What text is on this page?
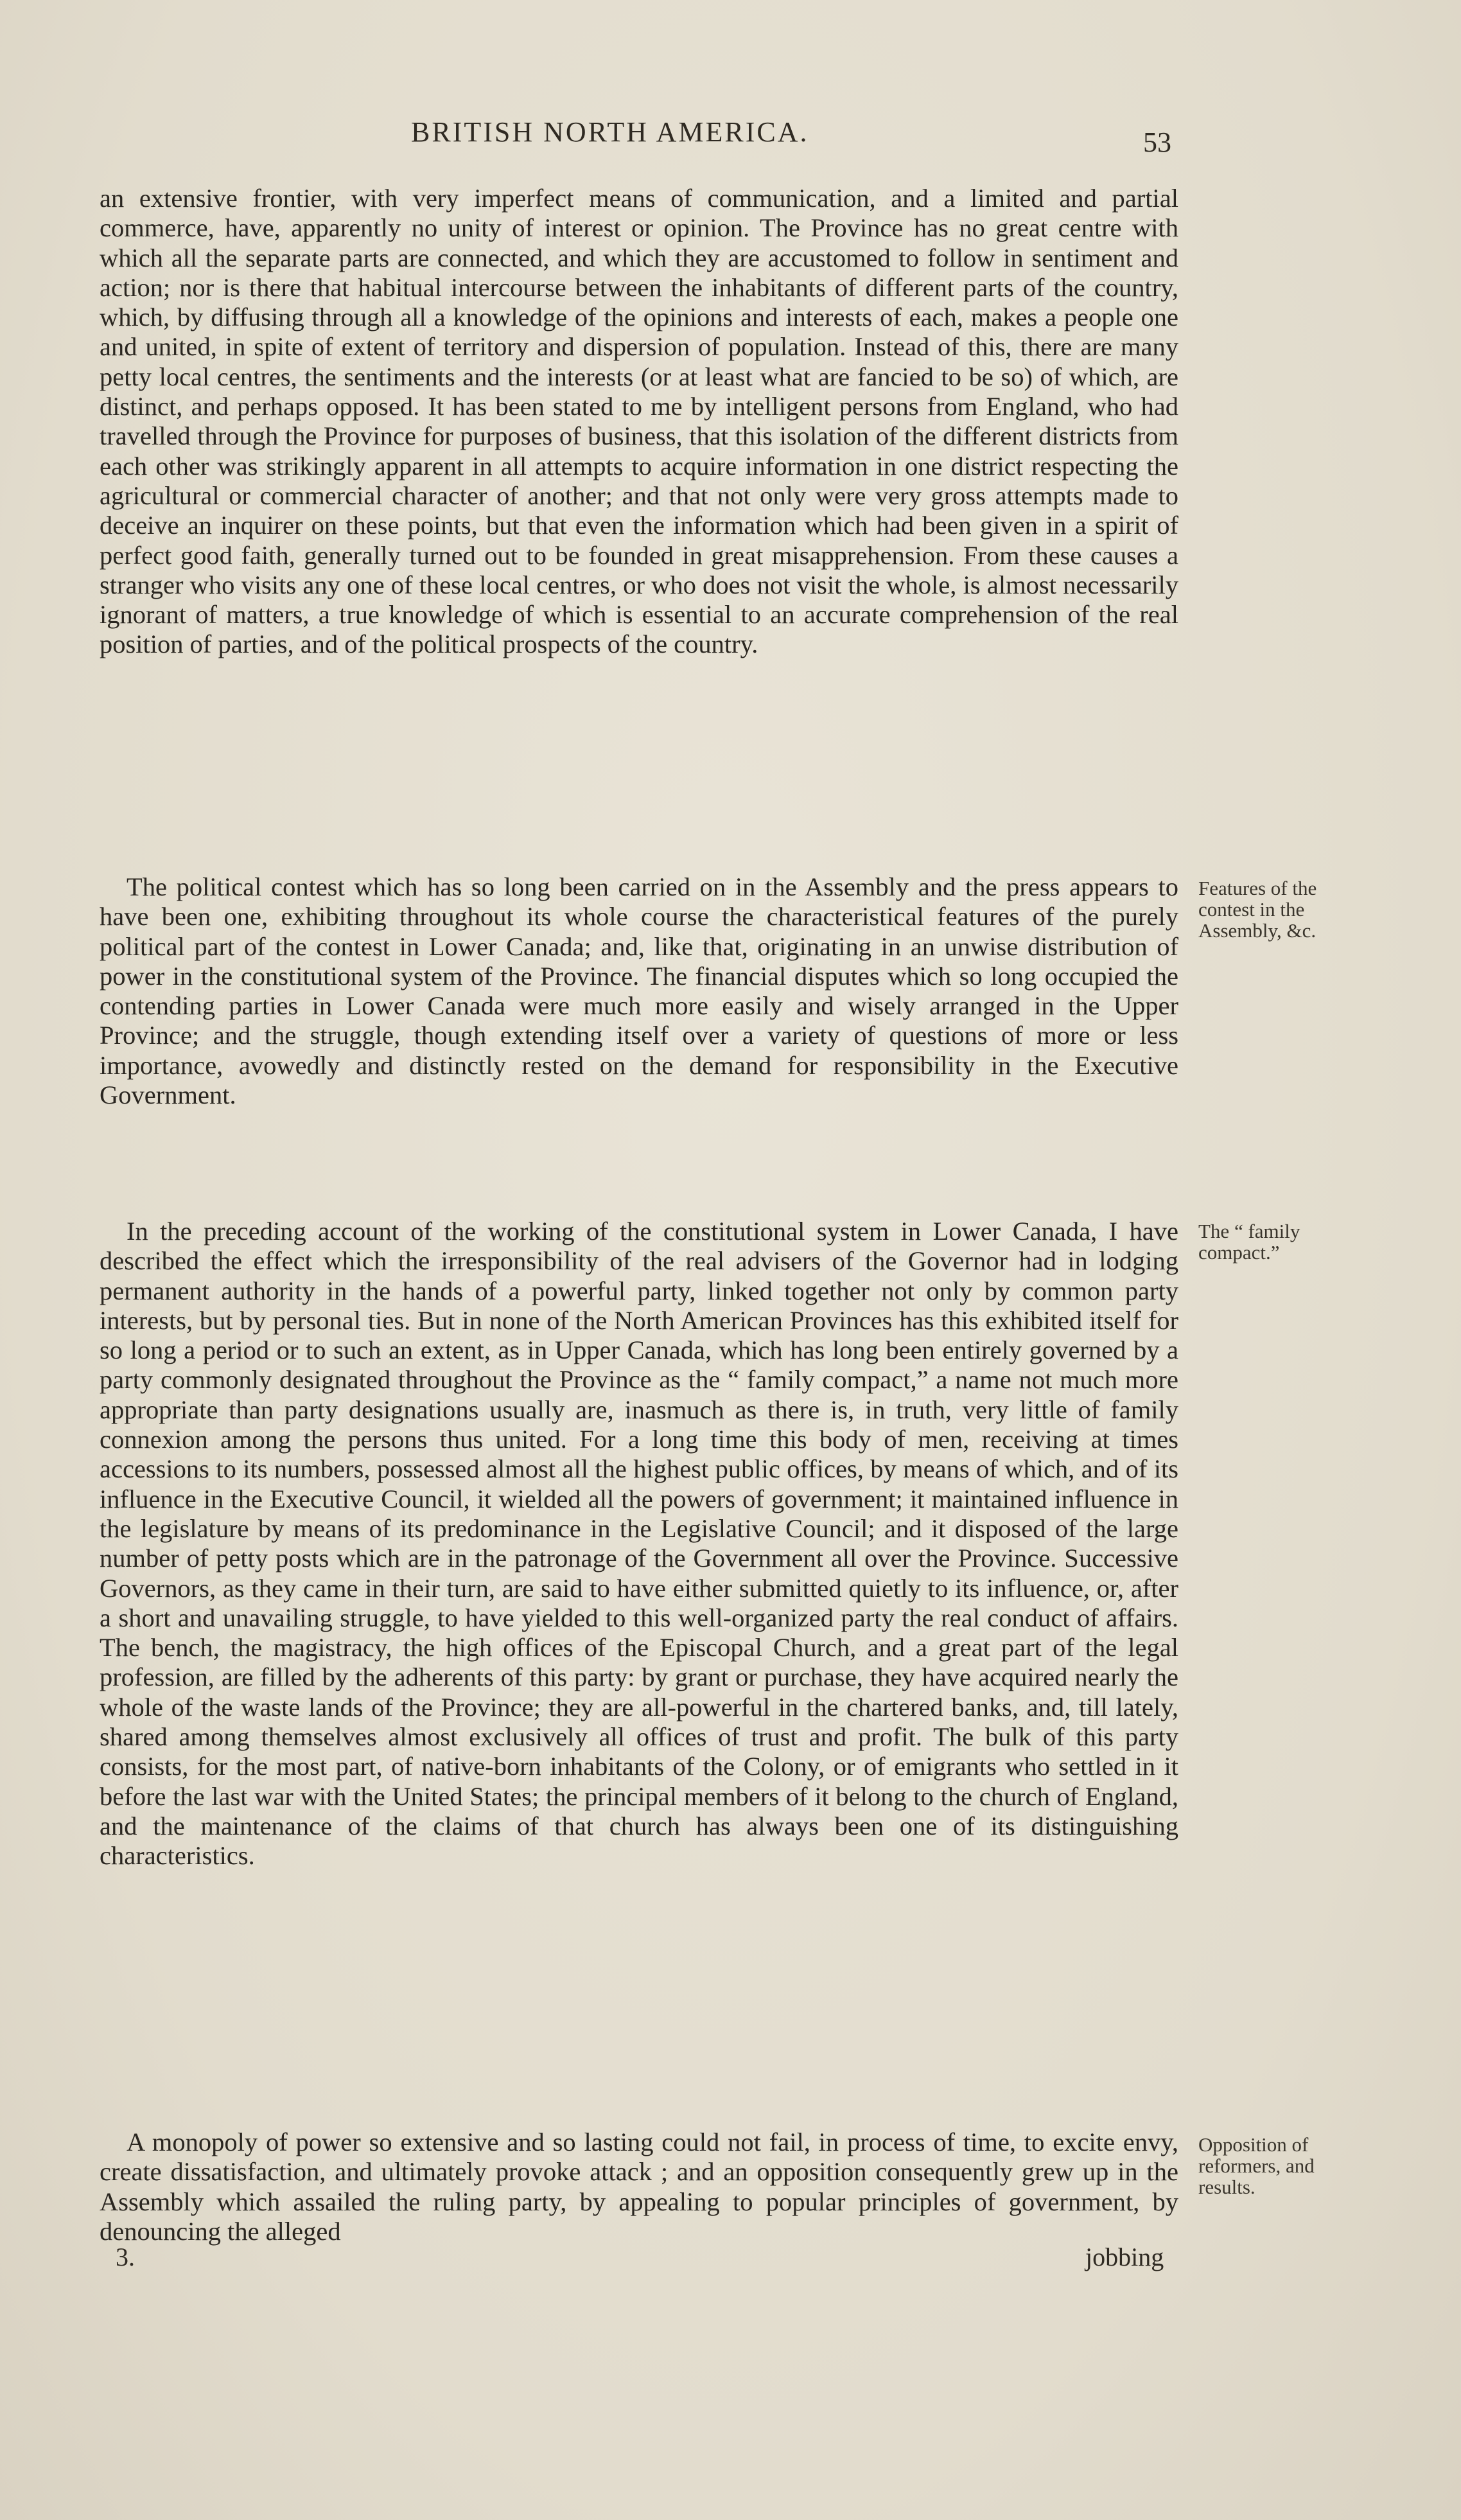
BRITISH NORTH AMERICA.	53

an extensive frontier, with very imperfect means of communication, and a limited and partial commerce, have, apparently no unity of interest or opinion. The Province has no great centre with which all the separate parts are connected, and which they are accustomed to follow in sentiment and action; nor is there that habitual intercourse between the inhabitants of different parts of the country, which, by diffusing through all a knowledge of the opinions and interests of each, makes a people one and united, in spite of extent of territory and dispersion of population. Instead of this, there are many petty local centres, the sentiments and the interests (or at least what are fancied to be so) of which, are distinct, and perhaps opposed. It has been stated to me by intelligent persons from England, who had travelled through the Province for purposes of business, that this isolation of the different districts from each other was strikingly apparent in all attempts to acquire information in one district respecting the agricultural or commercial character of another; and that not only were very gross attempts made to deceive an inquirer on these points, but that even the information which had been given in a spirit of perfect good faith, generally turned out to be founded in great misapprehension. From these causes a stranger who visits any one of these local centres, or who does not visit the whole, is almost necessarily ignorant of matters, a true knowledge of which is essential to an accurate comprehension of the real position of parties, and of the political prospects of the country.

Features of the contest in the Assembly, &c.

The political contest which has so long been carried on in the Assembly and the press appears to have been one, exhibiting throughout its whole course the characteristical features of the purely political part of the contest in Lower Canada; and, like that, originating in an unwise distribution of power in the constitutional system of the Province. The financial disputes which so long occupied the contending parties in Lower Canada were much more easily and wisely arranged in the Upper Province; and the struggle, though extending itself over a variety of questions of more or less importance, avowedly and distinctly rested on the demand for responsibility in the Executive Government.

The “ family compact.”

In the preceding account of the working of the constitutional system in Lower Canada, I have described the effect which the irresponsibility of the real advisers of the Governor had in lodging permanent authority in the hands of a powerful party, linked together not only by common party interests, but by personal ties. But in none of the North American Provinces has this exhibited itself for so long a period or to such an extent, as in Upper Canada, which has long been entirely governed by a party commonly designated throughout the Province as the “ family compact,” a name not much more appropriate than party designations usually are, inasmuch as there is, in truth, very little of family connexion among the persons thus united. For a long time this body of men, receiving at times accessions to its numbers, possessed almost all the highest public offices, by means of which, and of its influence in the Executive Council, it wielded all the powers of government; it maintained influence in the legislature by means of its predominance in the Legislative Council; and it disposed of the large number of petty posts which are in the patronage of the Government all over the Province. Successive Governors, as they came in their turn, are said to have either submitted quietly to its influence, or, after a short and unavailing struggle, to have yielded to this well-organized party the real conduct of affairs. The bench, the magistracy, the high offices of the Episcopal Church, and a great part of the legal profession, are filled by the adherents of this party: by grant or purchase, they have acquired nearly the whole of the waste lands of the Province; they are all-powerful in the chartered banks, and, till lately, shared among themselves almost exclusively all offices of trust and profit. The bulk of this party consists, for the most part, of native-born inhabitants of the Colony, or of emigrants who settled in it before the last war with the United States; the principal members of it belong to the church of England, and the maintenance of the claims of that church has always been one of its distinguishing characteristics.

Opposition of reformers, and results.

A monopoly of power so extensive and so lasting could not fail, in process of time, to excite envy, create dissatisfaction, and ultimately provoke attack ; and an opposition consequently grew up in the Assembly which assailed the ruling party, by appealing to popular principles of government, by denouncing the alleged

3.	jobbing
